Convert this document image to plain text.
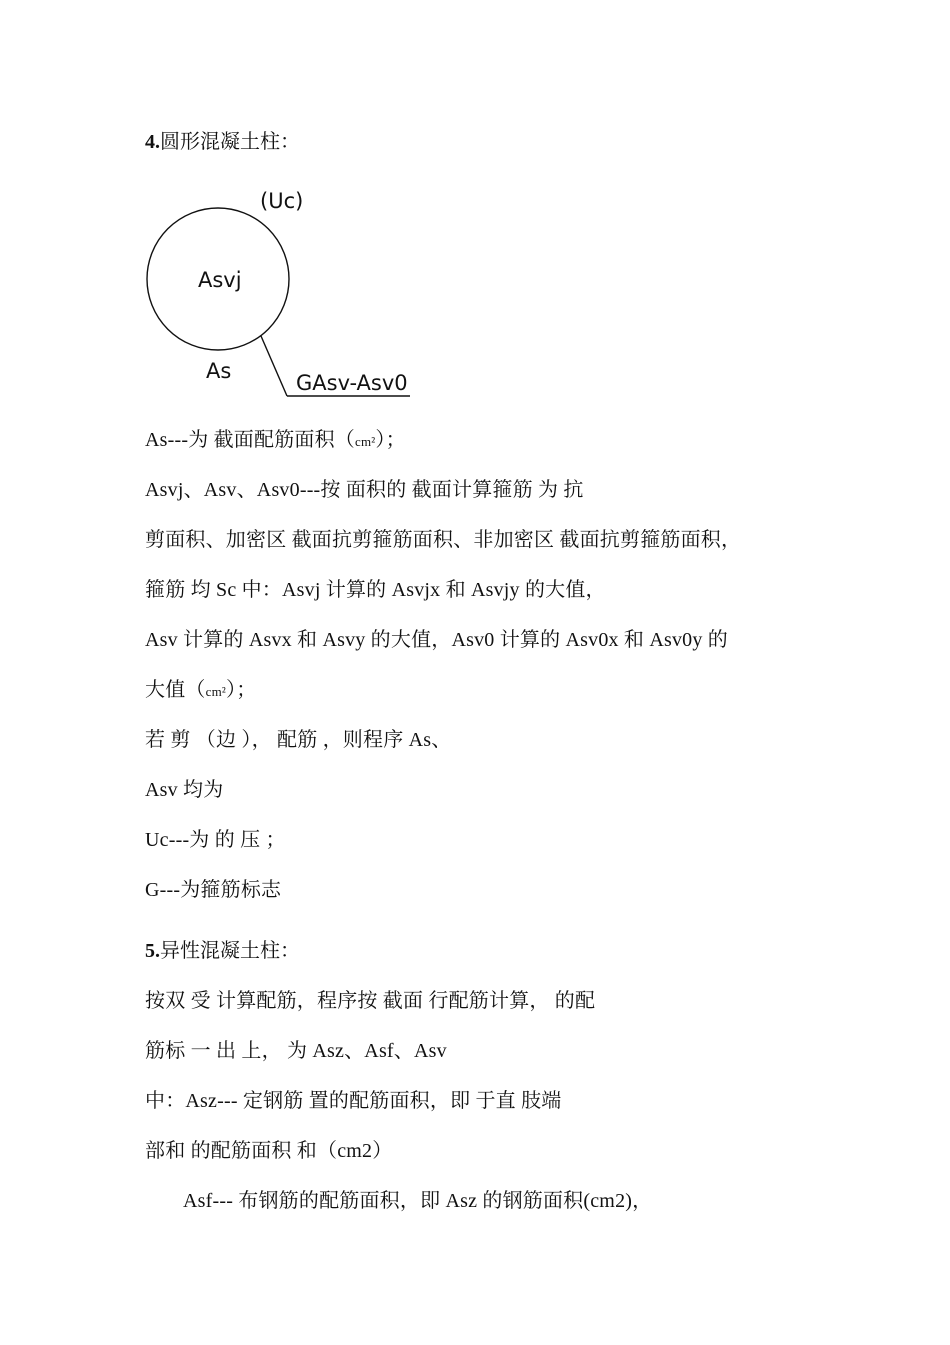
4.圆形混凝土柱：
(Uc)
Asvj
As	GAsv-Asv0
As---为 截面配筋面积（cm²）；
Asvj、Asv、Asv0---按 面积的 截面计算箍筋 为 抗
剪面积、加密区 截面抗剪箍筋面积、非加密区 截面抗剪箍筋面积，
箍筋 均 Sc 中：Asvj 计算的 Asvjx 和 Asvjy 的大值，
Asv 计算的 Asvx 和 Asvy 的大值，Asv0 计算的 Asv0x 和 Asv0y 的
大值（cm²）；
若 剪 （边 ）， 配筋 ，则程序 As、
Asv 均为
Uc---为 的 压 ；
G---为箍筋标志
5.异性混凝土柱：
按双 受 计算配筋，程序按 截面 行配筋计算， 的配
筋标 一 出 上， 为 Asz、Asf、Asv
中：Asz--- 定钢筋 置的配筋面积，即 于直 肢端
部和 的配筋面积 和（cm2）
Asf--- 布钢筋的配筋面积，即 Asz 的钢筋面积(cm2)，
